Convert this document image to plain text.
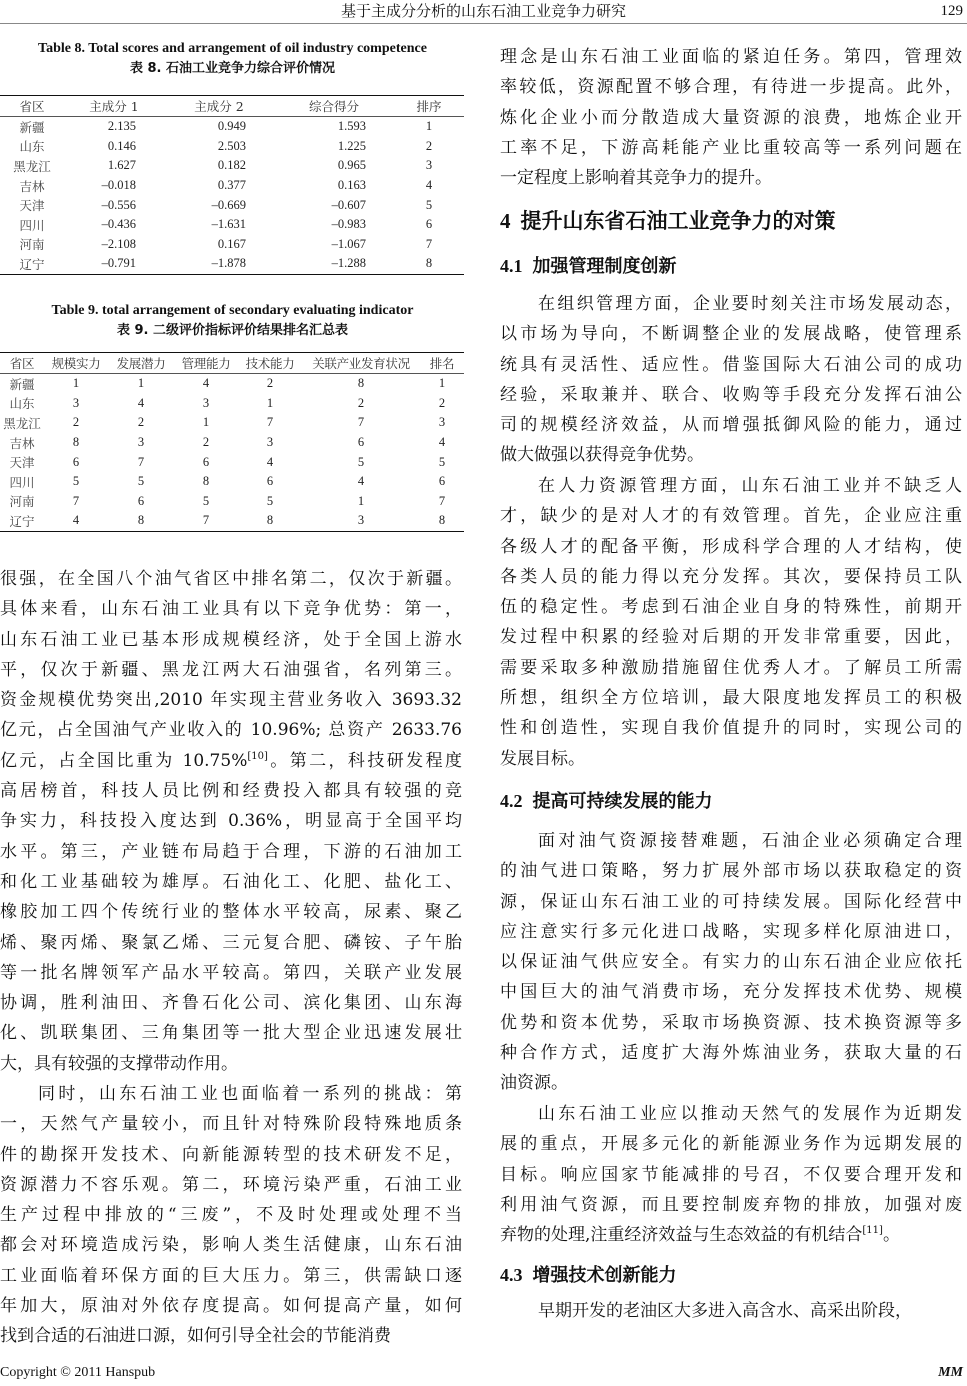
基于主成分分析的山东石油工业竞争力研究	129
Table 8. Total scores and arrangement of oil industry competence
表 8. 石油工业竞争力综合评价情况
省区	主成分 1	主成分 2	综合得分	排序
新疆	2.135	0.949	1.593	1
山东	0.146	2.503	1.225	2
黑龙江	1.627	0.182	0.965	3
吉林	–0.018	0.377	0.163	4
天津	–0.556	–0.669	–0.607	5
四川	–0.436	–1.631	–0.983	6
河南	–2.108	0.167	–1.067	7
辽宁	–0.791	–1.878	–1.288	8
Table 9. total arrangement of secondary evaluating indicator
表 9. 二级评价指标评价结果排名汇总表
省区	规模实力	发展潜力	管理能力	技术能力	关联产业发育状况	排名
新疆	1	1	4	2	8	1
山东	3	4	3	1	2	2
黑龙江	2	2	1	7	7	3
吉林	8	3	2	3	6	4
天津	6	7	6	4	5	5
四川	5	5	8	6	4	6
河南	7	6	5	5	1	7
辽宁	4	8	7	8	3	8
很强，在全国八个油气省区中排名第二，仅次于新疆。
具体来看，山东石油工业具有以下竞争优势：第一，
山东石油工业已基本形成规模经济，处于全国上游水
平，仅次于新疆、黑龙江两大石油强省，名列第三。
资金规模优势突出,2010 年实现主营业务收入 3693.32
亿元，占全国油气产业收入的 10.96%; 总资产 2633.76
亿元，占全国比重为 10.75%[10]。第二，科技研发程度
高居榜首，科技人员比例和经费投入都具有较强的竞
争实力，科技投入度达到 0.36%，明显高于全国平均
水平。第三，产业链布局趋于合理，下游的石油加工
和化工业基础较为雄厚。石油化工、化肥、盐化工、
橡胶加工四个传统行业的整体水平较高，尿素、聚乙
烯、聚丙烯、聚氯乙烯、三元复合肥、磷铵、子午胎
等一批名牌领军产品水平较高。第四，关联产业发展
协调，胜利油田、齐鲁石化公司、滨化集团、山东海
化、凯联集团、三角集团等一批大型企业迅速发展壮
大，具有较强的支撑带动作用。
同时，山东石油工业也面临着一系列的挑战：第
一，天然气产量较小，而且针对特殊阶段特殊地质条
件的勘探开发技术、向新能源转型的技术研发不足，
资源潜力不容乐观。第二，环境污染严重，石油工业
生产过程中排放的“三废”，不及时处理或处理不当
都会对环境造成污染，影响人类生活健康，山东石油
工业面临着环保方面的巨大压力。第三，供需缺口逐
年加大，原油对外依存度提高。如何提高产量，如何
找到合适的石油进口源，如何引导全社会的节能消费
理念是山东石油工业面临的紧迫任务。第四，管理效
率较低，资源配置不够合理，有待进一步提高。此外，
炼化企业小而分散造成大量资源的浪费，地炼企业开
工率不足，下游高耗能产业比重较高等一系列问题在
一定程度上影响着其竞争力的提升。
4 提升山东省石油工业竞争力的对策
4.1 加强管理制度创新
在组织管理方面，企业要时刻关注市场发展动态，
以市场为导向，不断调整企业的发展战略，使管理系
统具有灵活性、适应性。借鉴国际大石油公司的成功
经验，采取兼并、联合、收购等手段充分发挥石油公
司的规模经济效益，从而增强抵御风险的能力，通过
做大做强以获得竞争优势。
在人力资源管理方面，山东石油工业并不缺乏人
才，缺少的是对人才的有效管理。首先，企业应注重
各级人才的配备平衡，形成科学合理的人才结构，使
各类人员的能力得以充分发挥。其次，要保持员工队
伍的稳定性。考虑到石油企业自身的特殊性，前期开
发过程中积累的经验对后期的开发非常重要，因此，
需要采取多种激励措施留住优秀人才。了解员工所需
所想，组织全方位培训，最大限度地发挥员工的积极
性和创造性，实现自我价值提升的同时，实现公司的
发展目标。
4.2 提高可持续发展的能力
面对油气资源接替难题，石油企业必须确定合理
的油气进口策略，努力扩展外部市场以获取稳定的资
源，保证山东石油工业的可持续发展。国际化经营中
应注意实行多元化进口战略，实现多样化原油进口，
以保证油气供应安全。有实力的山东石油企业应依托
中国巨大的油气消费市场，充分发挥技术优势、规模
优势和资本优势，采取市场换资源、技术换资源等多
种合作方式，适度扩大海外炼油业务，获取大量的石
油资源。
山东石油工业应以推动天然气的发展作为近期发
展的重点，开展多元化的新能源业务作为远期发展的
目标。响应国家节能减排的号召，不仅要合理开发和
利用油气资源，而且要控制废弃物的排放，加强对废
弃物的处理,注重经济效益与生态效益的有机结合[11]。
4.3 增强技术创新能力
早期开发的老油区大多进入高含水、高采出阶段，
Copyright © 2011 Hanspub	MM
